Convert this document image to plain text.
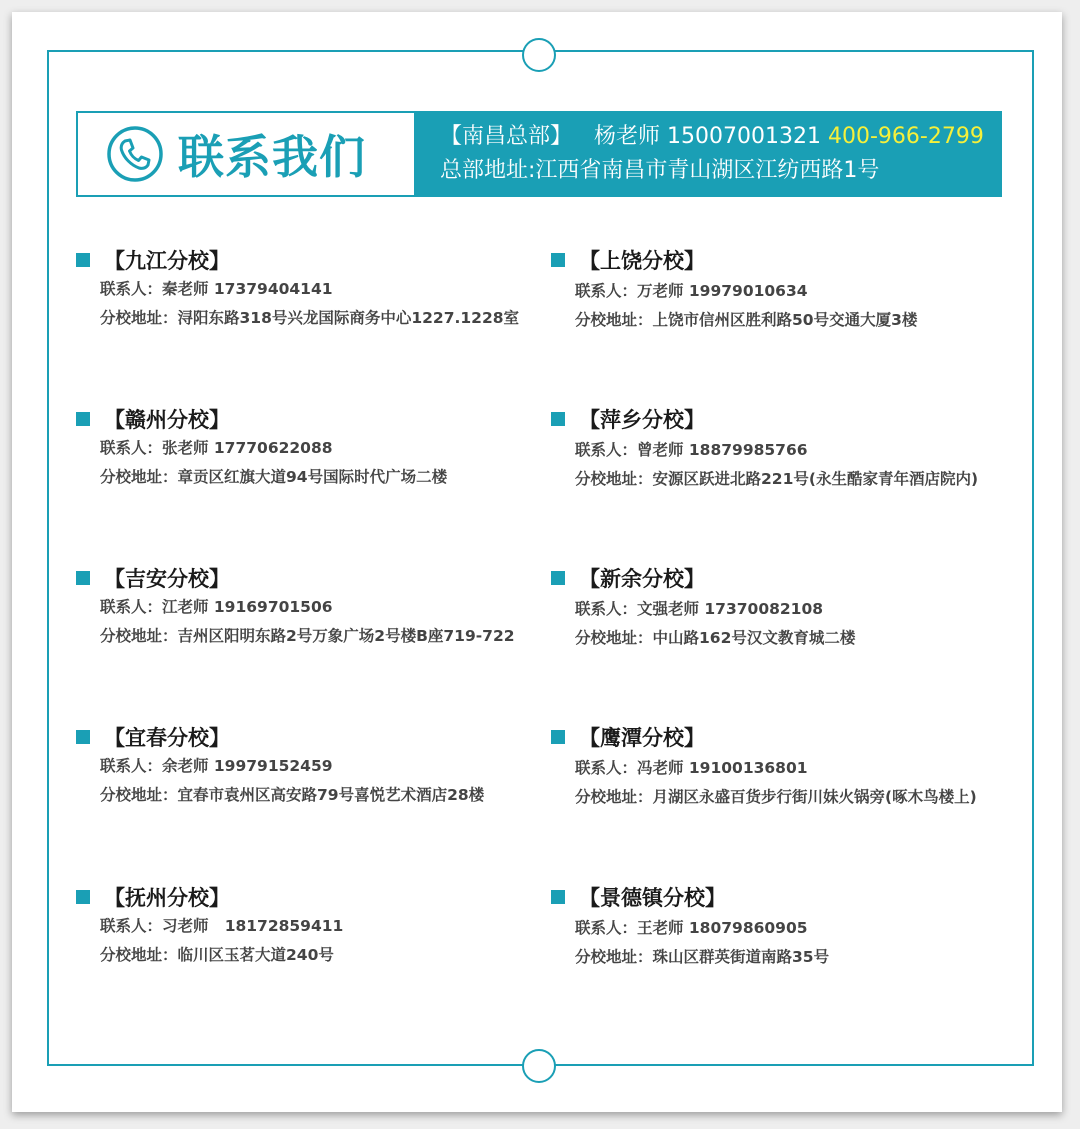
联系我们	【南昌总部】 杨老师 15007001321 400-966-2799
总部地址:江西省南昌市青山湖区江纺西路1号
【九江分校】
联系人：秦老师 17379404141
分校地址：浔阳东路318号兴龙国际商务中心1227.1228室
【上饶分校】
联系人：万老师 19979010634
分校地址：上饶市信州区胜利路50号交通大厦3楼
【赣州分校】
联系人：张老师 17770622088
分校地址：章贡区红旗大道94号国际时代广场二楼
【萍乡分校】
联系人：曾老师 18879985766
分校地址：安源区跃进北路221号(永生酷家青年酒店院内)
【吉安分校】
联系人：江老师 19169701506
分校地址：吉州区阳明东路2号万象广场2号楼B座719-722
【新余分校】
联系人：文强老师 17370082108
分校地址：中山路162号汉文教育城二楼
【宜春分校】
联系人：余老师 19979152459
分校地址：宜春市袁州区高安路79号喜悦艺术酒店28楼
【鹰潭分校】
联系人：冯老师 19100136801
分校地址：月湖区永盛百货步行街川妹火锅旁(啄木鸟楼上)
【抚州分校】
联系人：习老师   18172859411
分校地址：临川区玉茗大道240号
【景德镇分校】
联系人：王老师 18079860905
分校地址：珠山区群英街道南路35号
